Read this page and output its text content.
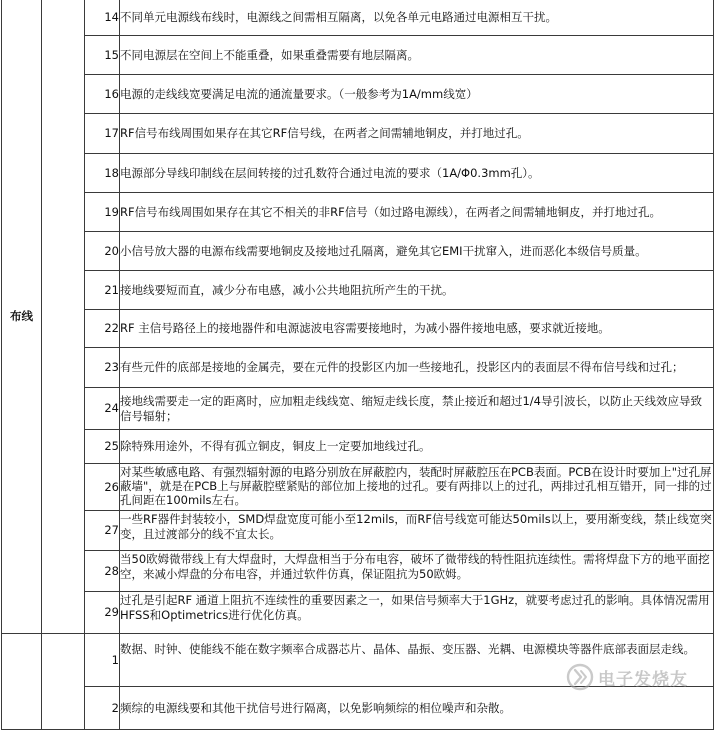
布线		14	不同单元电源线布线时，电源线之间需相互隔离，以免各单元电路通过电源相互干扰。
		15	不同电源层在空间上不能重叠，如果重叠需要有地层隔离。
		16	电源的走线线宽要满足电流的通流量要求。（一般参考为1A/mm线宽）
		17	RF信号布线周围如果存在其它RF信号线，在两者之间需辅地铜皮，并打地过孔。
		18	电源部分导线印制线在层间转接的过孔数符合通过电流的要求（1A/Φ0.3mm孔）。
		19	RF信号布线周围如果存在其它不相关的非RF信号（如过路电源线），在两者之间需辅地铜皮，并打地过孔。
		20	小信号放大器的电源布线需要地铜皮及接地过孔隔离，避免其它EMI干扰窜入，进而恶化本级信号质量。
		21	接地线要短而直，减少分布电感，减小公共地阻抗所产生的干扰。
		22	RF 主信号路径上的接地器件和电源滤波电容需要接地时，为减小器件接地电感，要求就近接地。
		23	有些元件的底部是接地的金属壳，要在元件的投影区内加一些接地孔，投影区内的表面层不得布信号线和过孔；
		24	接地线需要走一定的距离时，应加粗走线线宽、缩短走线长度，禁止接近和超过1/4导引波长，以防止天线效应导致信号辐射；
		25	除特殊用途外，不得有孤立铜皮，铜皮上一定要加地线过孔。
		26	对某些敏感电路、有强烈辐射源的电路分别放在屏蔽腔内，装配时屏蔽腔压在PCB表面。PCB在设计时要加上"过孔屏蔽墙"，就是在PCB上与屏蔽腔壁紧贴的部位加上接地的过孔。要有两排以上的过孔，两排过孔相互错开，同一排的过孔间距在100mils左右。
		27	一些RF器件封装较小，SMD焊盘宽度可能小至12mils，而RF信号线宽可能达50mils以上，要用渐变线，禁止线宽突变，且过渡部分的线不宜太长。
		28	当50欧姆微带线上有大焊盘时，大焊盘相当于分布电容，破坏了微带线的特性阻抗连续性。需将焊盘下方的地平面挖空，来减小焊盘的分布电容，并通过软件仿真，保证阻抗为50欧姆。
		29	过孔是引起RF 通道上阻抗不连续性的重要因素之一，如果信号频率大于1GHz，就要考虑过孔的影响。具体情况需用HFSS和Optimetrics进行优化仿真。
		1	数据、时钟、使能线不能在数字频率合成器芯片、晶体、晶振、变压器、光耦、电源模块等器件底部表面层走线。
		2	频综的电源线要和其他干扰信号进行隔离，以免影响频综的相位噪声和杂散。
电子发烧友
